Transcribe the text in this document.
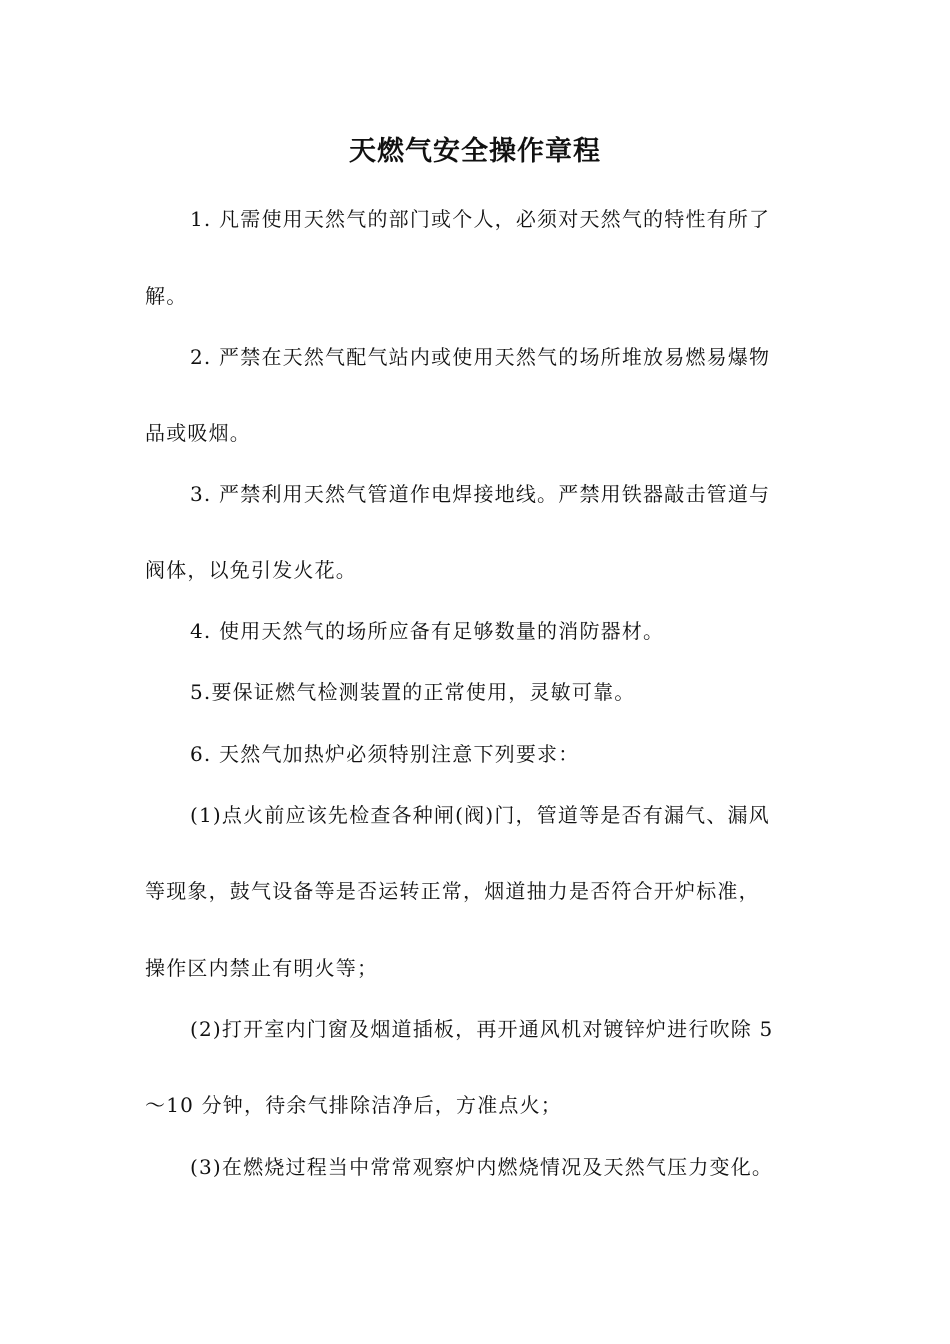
天燃气安全操作章程

1. 凡需使用天然气的部门或个人，必须对天然气的特性有所了

解。

2. 严禁在天然气配气站内或使用天然气的场所堆放易燃易爆物

品或吸烟。

3. 严禁利用天然气管道作电焊接地线。严禁用铁器敲击管道与

阀体，以免引发火花。

4. 使用天然气的场所应备有足够数量的消防器材。

5.要保证燃气检测装置的正常使用，灵敏可靠。

6. 天然气加热炉必须特别注意下列要求：

(1)点火前应该先检查各种闸(阀)门，管道等是否有漏气、漏风

等现象，鼓气设备等是否运转正常，烟道抽力是否符合开炉标准，

操作区内禁止有明火等；

(2)打开室内门窗及烟道插板，再开通风机对镀锌炉进行吹除 5

～10 分钟，待余气排除洁净后，方准点火；

(3)在燃烧过程当中常常观察炉内燃烧情况及天然气压力变化。
